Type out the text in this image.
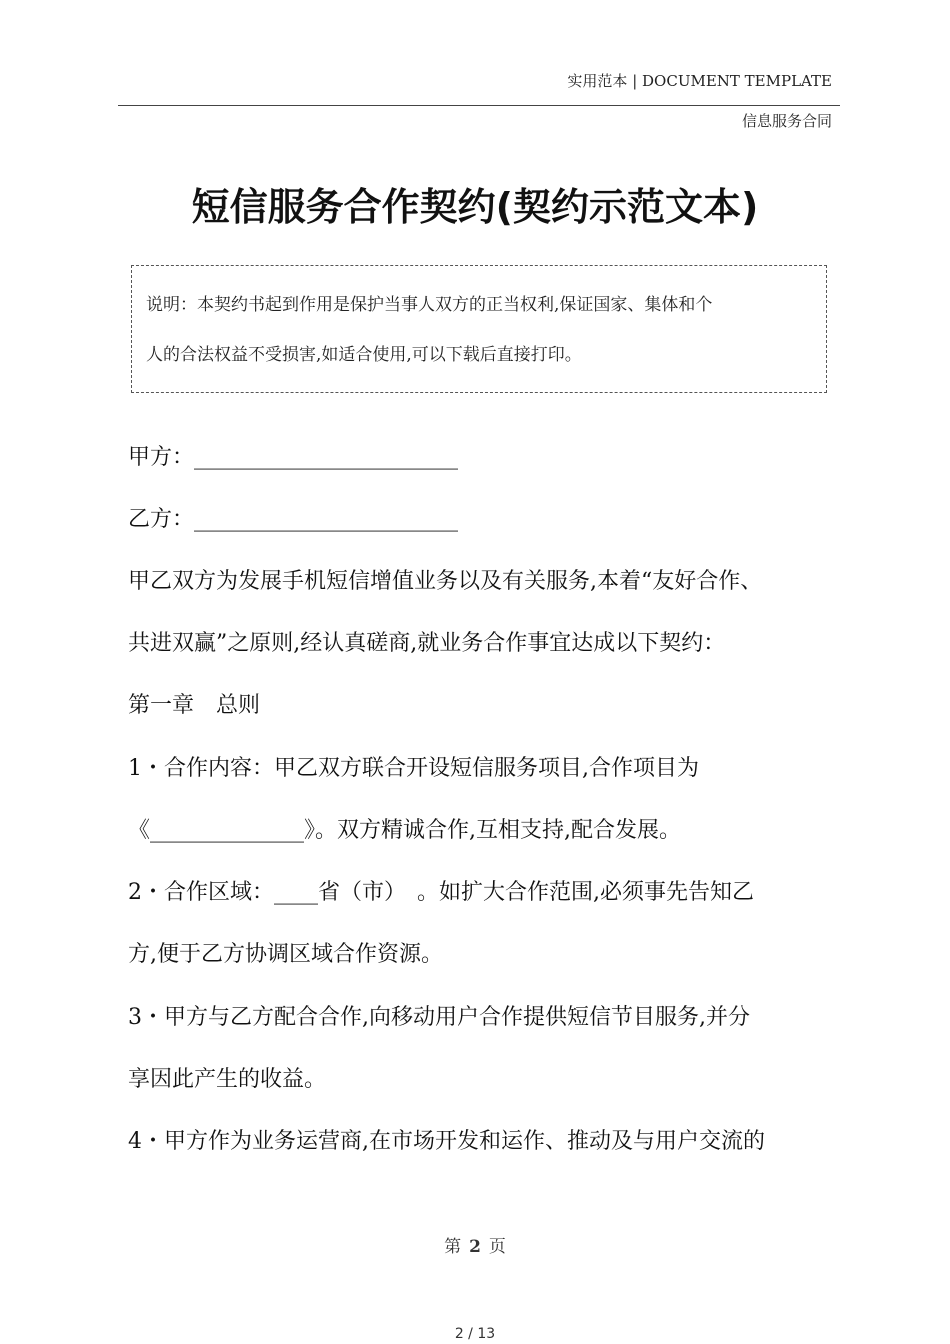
实用范本 | DOCUMENT TEMPLATE
信息服务合同
短信服务合作契约(契约示范文本)
说明：本契约书起到作用是保护当事人双方的正当权利,保证国家、集体和个
人的合法权益不受损害,如适合使用,可以下载后直接打印。
甲方：________________________
乙方：________________________
甲乙双方为发展手机短信增值业务以及有关服务,本着“友好合作、
共进双赢”之原则,经认真磋商,就业务合作事宜达成以下契约：
第一章　总则
1・合作内容：甲乙双方联合开设短信服务项目,合作项目为
《______________》。双方精诚合作,互相支持,配合发展。
2・合作区域：____省（市）　。如扩大合作范围,必须事先告知乙
方,便于乙方协调区域合作资源。
3・甲方与乙方配合合作,向移动用户合作提供短信节目服务,并分
享因此产生的收益。
4・甲方作为业务运营商,在市场开发和运作、推动及与用户交流的
第 2 页
2 / 13
